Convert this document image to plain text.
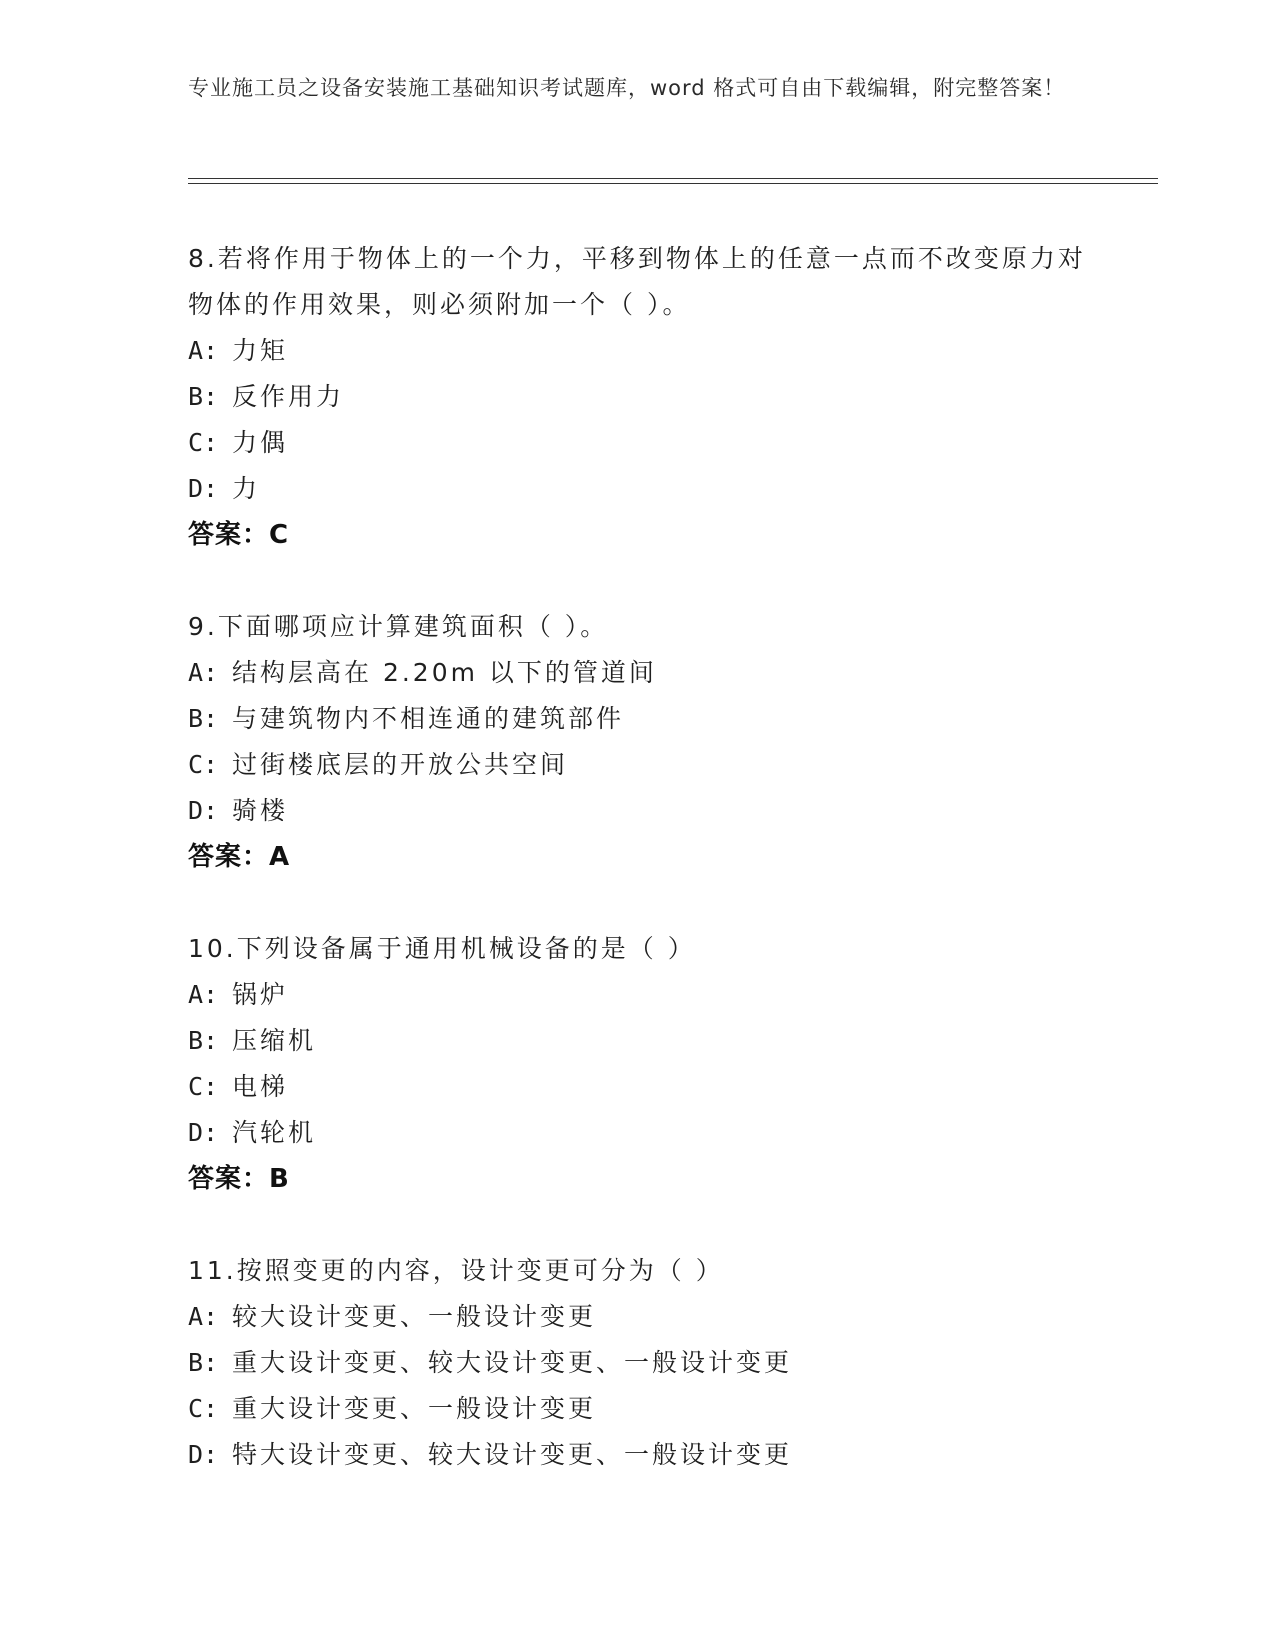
专业施工员之设备安装施工基础知识考试题库，word 格式可自由下载编辑，附完整答案！

8.若将作用于物体上的一个力，平移到物体上的任意一点而不改变原力对物体的作用效果，则必须附加一个（ ）。

A: 力矩
B: 反作用力
C: 力偶
D: 力
答案：C

9.下面哪项应计算建筑面积（ ）。

A: 结构层高在 2.20m 以下的管道间
B: 与建筑物内不相连通的建筑部件
C: 过街楼底层的开放公共空间
D: 骑楼
答案：A

10.下列设备属于通用机械设备的是（ ）

A: 锅炉
B: 压缩机
C: 电梯
D: 汽轮机
答案：B

11.按照变更的内容，设计变更可分为（ ）

A: 较大设计变更、一般设计变更
B: 重大设计变更、较大设计变更、一般设计变更
C: 重大设计变更、一般设计变更
D: 特大设计变更、较大设计变更、一般设计变更
